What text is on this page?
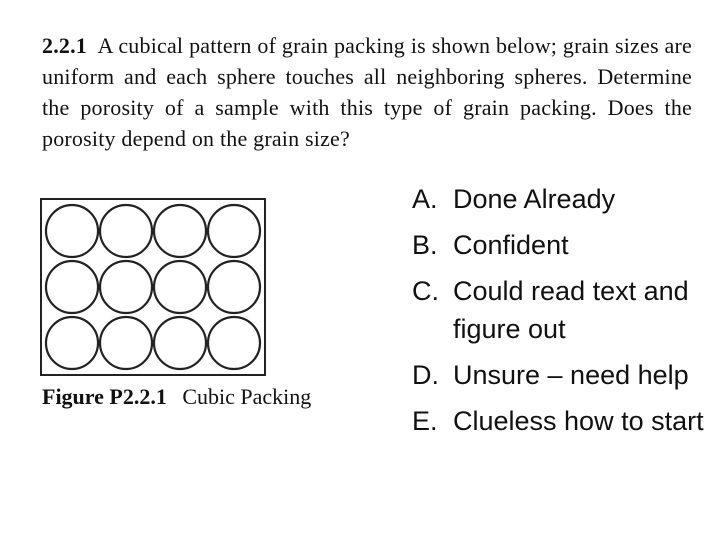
2.2.1 A cubical pattern of grain packing is shown below; grain sizes are uniform and each sphere touches all neighboring spheres. Determine the porosity of a sample with this type of grain packing. Does the porosity depend on the grain size?
Figure P2.2.1 Cubic Packing
A. Done Already
B. Confident
C. Could read text and figure out
D. Unsure – need help
E. Clueless how to start
